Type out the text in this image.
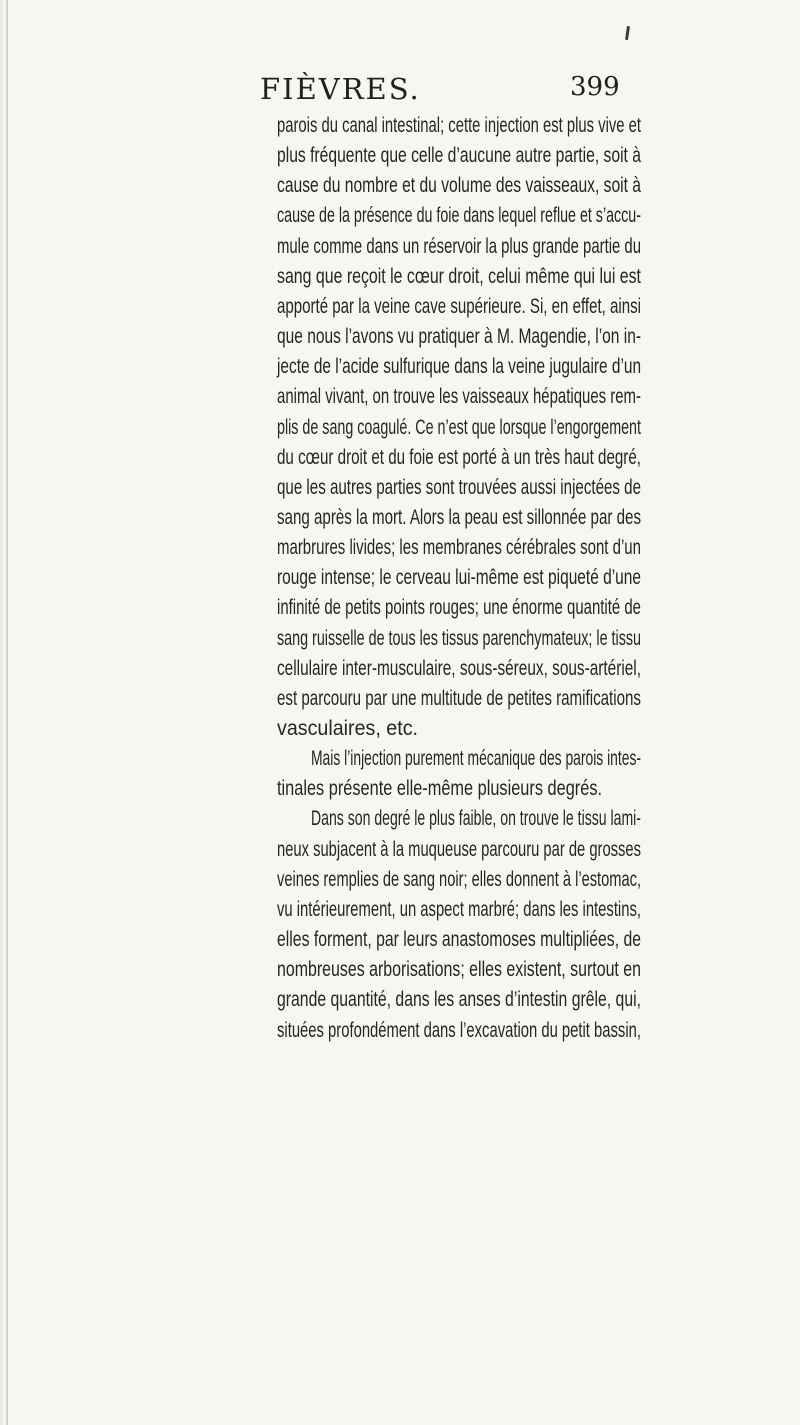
FIÈVRES.	399
parois du canal intestinal; cette injection est plus vive et
plus fréquente que celle d’aucune autre partie, soit à
cause du nombre et du volume des vaisseaux, soit à
cause de la présence du foie dans lequel reflue et s’accu-
mule comme dans un réservoir la plus grande partie du
sang que reçoit le cœur droit, celui même qui lui est
apporté par la veine cave supérieure. Si, en effet, ainsi
que nous l’avons vu pratiquer à M. Magendie, l’on in-
jecte de l’acide sulfurique dans la veine jugulaire d’un
animal vivant, on trouve les vaisseaux hépatiques rem-
plis de sang coagulé. Ce n’est que lorsque l’engorgement
du cœur droit et du foie est porté à un très haut degré,
que les autres parties sont trouvées aussi injectées de
sang après la mort. Alors la peau est sillonnée par des
marbrures livides; les membranes cérébrales sont d’un
rouge intense; le cerveau lui-même est piqueté d’une
infinité de petits points rouges; une énorme quantité de
sang ruisselle de tous les tissus parenchymateux; le tissu
cellulaire inter-musculaire, sous-séreux, sous-artériel,
est parcouru par une multitude de petites ramifications
vasculaires, etc.
Mais l’injection purement mécanique des parois intes-
tinales présente elle-même plusieurs degrés.
Dans son degré le plus faible, on trouve le tissu lami-
neux subjacent à la muqueuse parcouru par de grosses
veines remplies de sang noir; elles donnent à l’estomac,
vu intérieurement, un aspect marbré; dans les intestins,
elles forment, par leurs anastomoses multipliées, de
nombreuses arborisations; elles existent, surtout en
grande quantité, dans les anses d’intestin grêle, qui,
situées profondément dans l’excavation du petit bassin,
